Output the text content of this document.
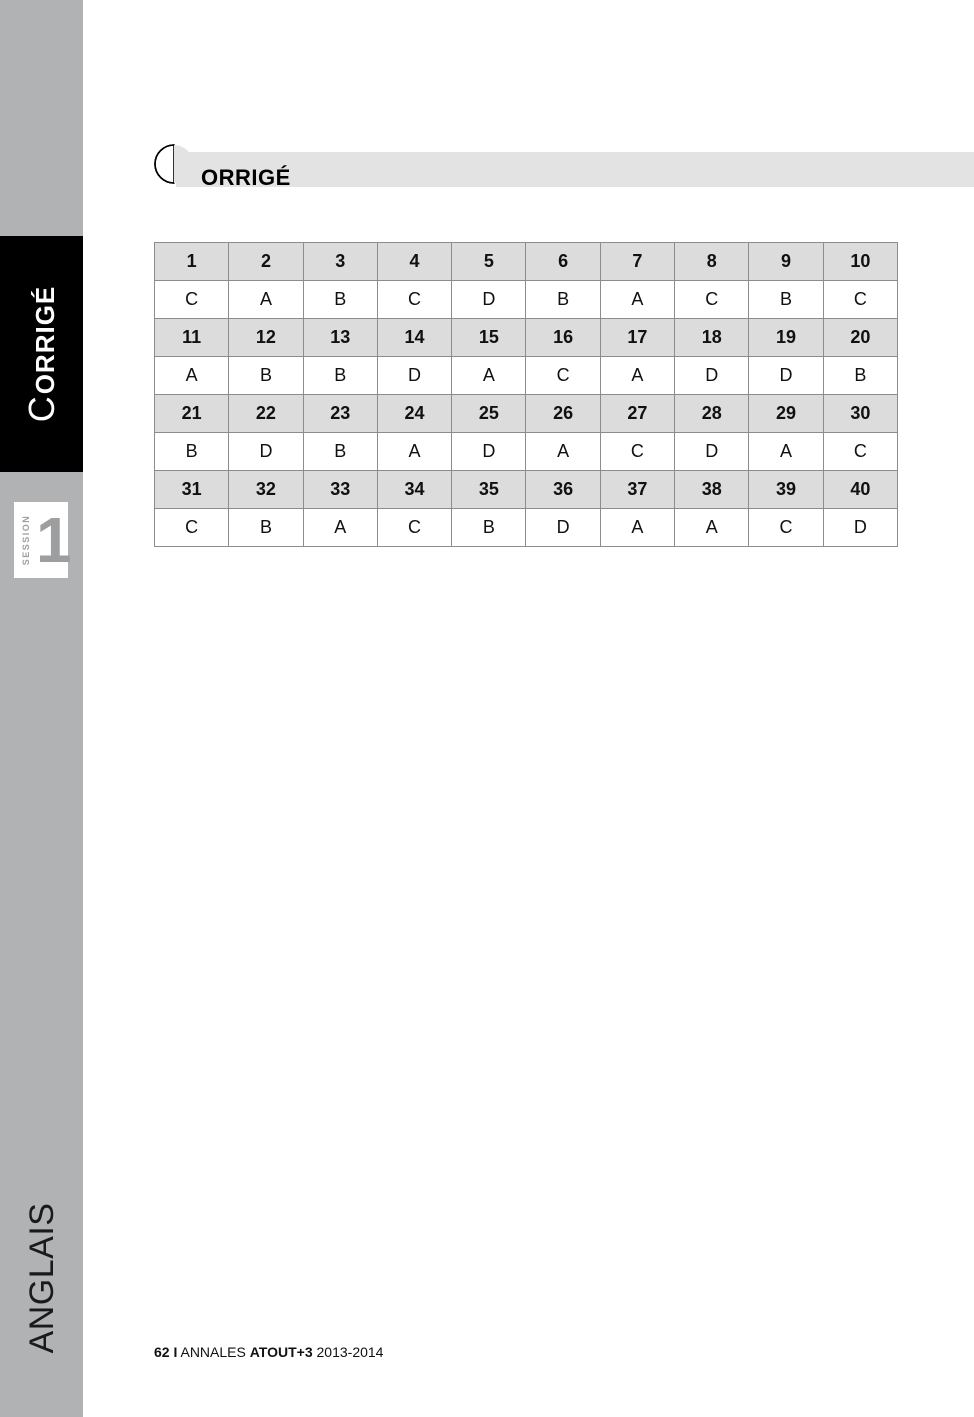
CORRIGÉ
SESSION 1
ANGLAIS
ORRIGÉ
1	2	3	4	5	6	7	8	9	10
C	A	B	C	D	B	A	C	B	C
11	12	13	14	15	16	17	18	19	20
A	B	B	D	A	C	A	D	D	B
21	22	23	24	25	26	27	28	29	30
B	D	B	A	D	A	C	D	A	C
31	32	33	34	35	36	37	38	39	40
C	B	A	C	B	D	A	A	C	D
62 I ANNALES ATOUT+3 2013-2014
